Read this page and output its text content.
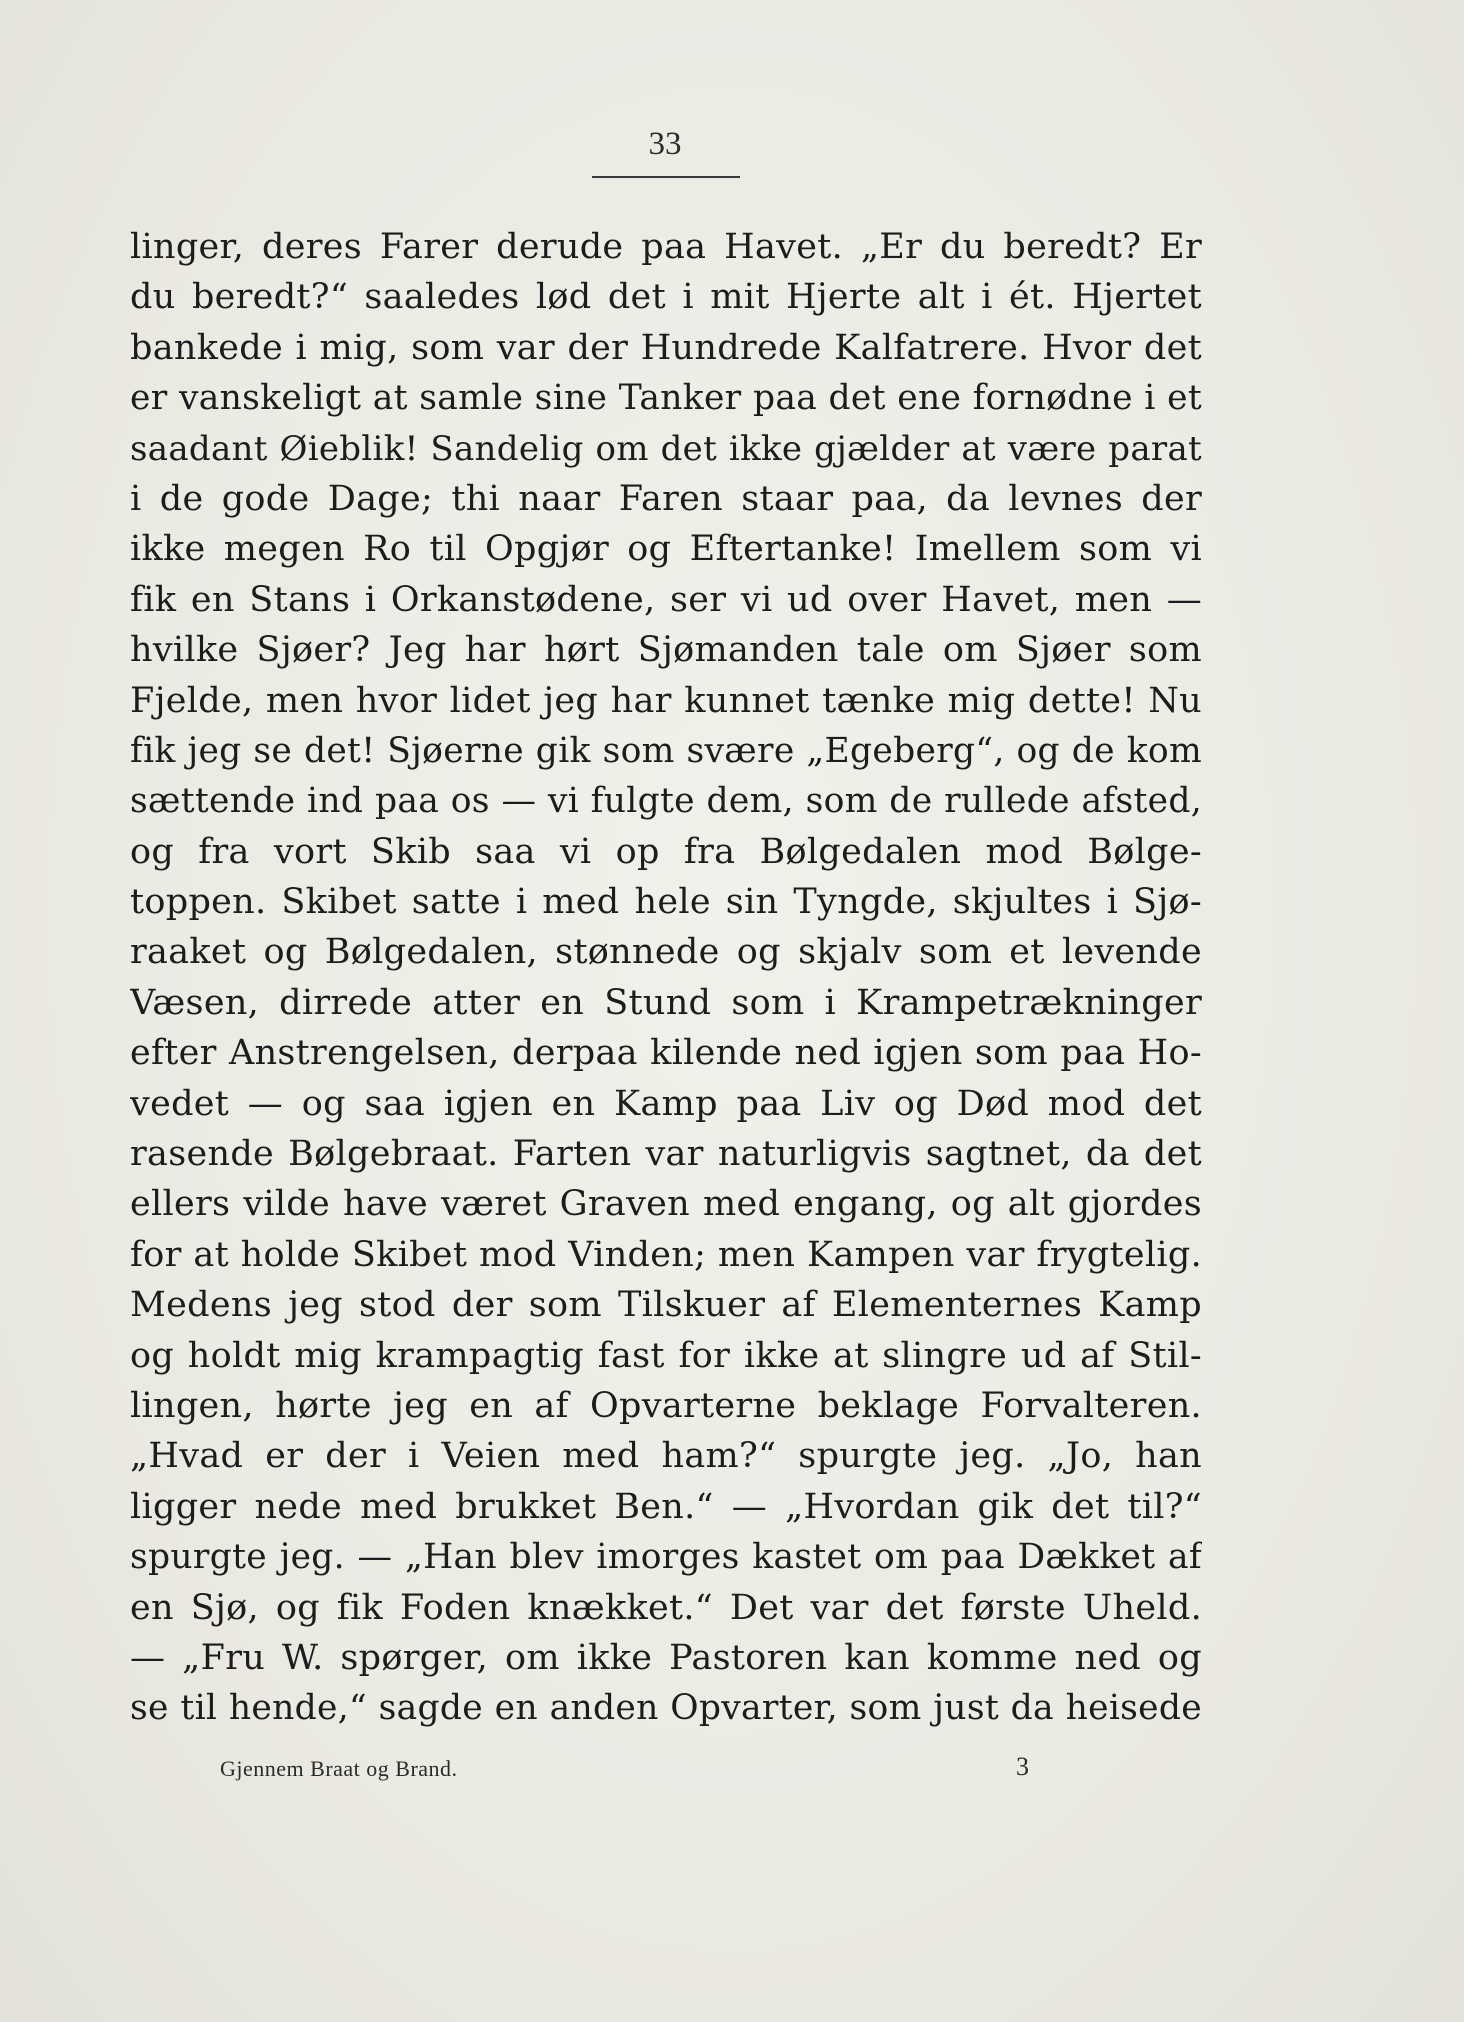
33
linger, deres Farer derude paa Havet. „Er du beredt? Er
du beredt?“ saaledes lød det i mit Hjerte alt i ét. Hjertet
bankede i mig, som var der Hundrede Kalfatrere. Hvor det
er vanskeligt at samle sine Tanker paa det ene fornødne i et
saadant Øieblik! Sandelig om det ikke gjælder at være parat
i de gode Dage; thi naar Faren staar paa, da levnes der
ikke megen Ro til Opgjør og Eftertanke! Imellem som vi
fik en Stans i Orkanstødene, ser vi ud over Havet, men —
hvilke Sjøer? Jeg har hørt Sjømanden tale om Sjøer som
Fjelde, men hvor lidet jeg har kunnet tænke mig dette! Nu
fik jeg se det! Sjøerne gik som svære „Egeberg“, og de kom
sættende ind paa os — vi fulgte dem, som de rullede afsted,
og fra vort Skib saa vi op fra Bølgedalen mod Bølge-
toppen. Skibet satte i med hele sin Tyngde, skjultes i Sjø-
raaket og Bølgedalen, stønnede og skjalv som et levende
Væsen, dirrede atter en Stund som i Krampetrækninger
efter Anstrengelsen, derpaa kilende ned igjen som paa Ho-
vedet — og saa igjen en Kamp paa Liv og Død mod det
rasende Bølgebraat. Farten var naturligvis sagtnet, da det
ellers vilde have været Graven med engang, og alt gjordes
for at holde Skibet mod Vinden; men Kampen var frygtelig.
Medens jeg stod der som Tilskuer af Elementernes Kamp
og holdt mig krampagtig fast for ikke at slingre ud af Stil-
lingen, hørte jeg en af Opvarterne beklage Forvalteren.
„Hvad er der i Veien med ham?“ spurgte jeg. „Jo, han
ligger nede med brukket Ben.“ — „Hvordan gik det til?“
spurgte jeg. — „Han blev imorges kastet om paa Dækket af
en Sjø, og fik Foden knækket.“ Det var det første Uheld.
— „Fru W. spørger, om ikke Pastoren kan komme ned og
se til hende,“ sagde en anden Opvarter, som just da heisede
Gjennem Braat og Brand.	3
